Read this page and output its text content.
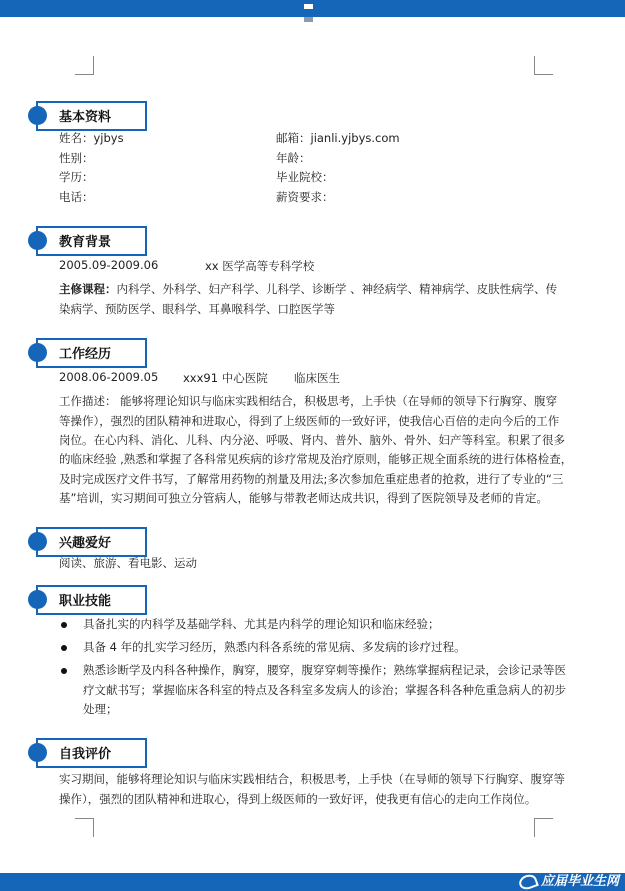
基本资料
姓名：yjbys
性别：
学历：
电话：
邮箱：jianli.yjbys.com
年龄：
毕业院校：
薪资要求：
教育背景
2005.09-2009.06	xx 医学高等专科学校
主修课程：内科学、外科学、妇产科学、儿科学、诊断学 、神经病学、精神病学、皮肤性病学、传
染病学、预防医学、眼科学、耳鼻喉科学、口腔医学等
工作经历
2008.06-2009.05 xxx91 中心医院 临床医生
工作描述： 能够将理论知识与临床实践相结合，积极思考，上手快（在导师的领导下行胸穿、腹穿
等操作），强烈的团队精神和进取心，得到了上级医师的一致好评，使我信心百倍的走向今后的工作
岗位。在心内科、消化、儿科、内分泌、呼吸、肾内、普外、脑外、骨外、妇产等科室。积累了很多
的临床经验 ,熟悉和掌握了各科常见疾病的诊疗常规及治疗原则，能够正规全面系统的进行体格检查，
及时完成医疗文件书写，了解常用药物的剂量及用法;多次参加危重症患者的抢救，进行了专业的“三
基”培训，实习期间可独立分管病人，能够与带教老师达成共识，得到了医院领导及老师的肯定。
兴趣爱好
阅读、旅游、看电影、运动
职业技能
具备扎实的内科学及基础学科、尤其是内科学的理论知识和临床经验；
具备 4 年的扎实学习经历，熟悉内科各系统的常见病、多发病的诊疗过程。
熟悉诊断学及内科各种操作，胸穿，腰穿，腹穿穿刺等操作；熟练掌握病程记录，会诊记录等医
疗文献书写；掌握临床各科室的特点及各科室多发病人的诊治；掌握各科各种危重急病人的初步
处理；
自我评价
实习期间，能够将理论知识与临床实践相结合，积极思考，上手快（在导师的领导下行胸穿、腹穿等
操作），强烈的团队精神和进取心，得到上级医师的一致好评，使我更有信心的走向工作岗位。
应届毕业生网
